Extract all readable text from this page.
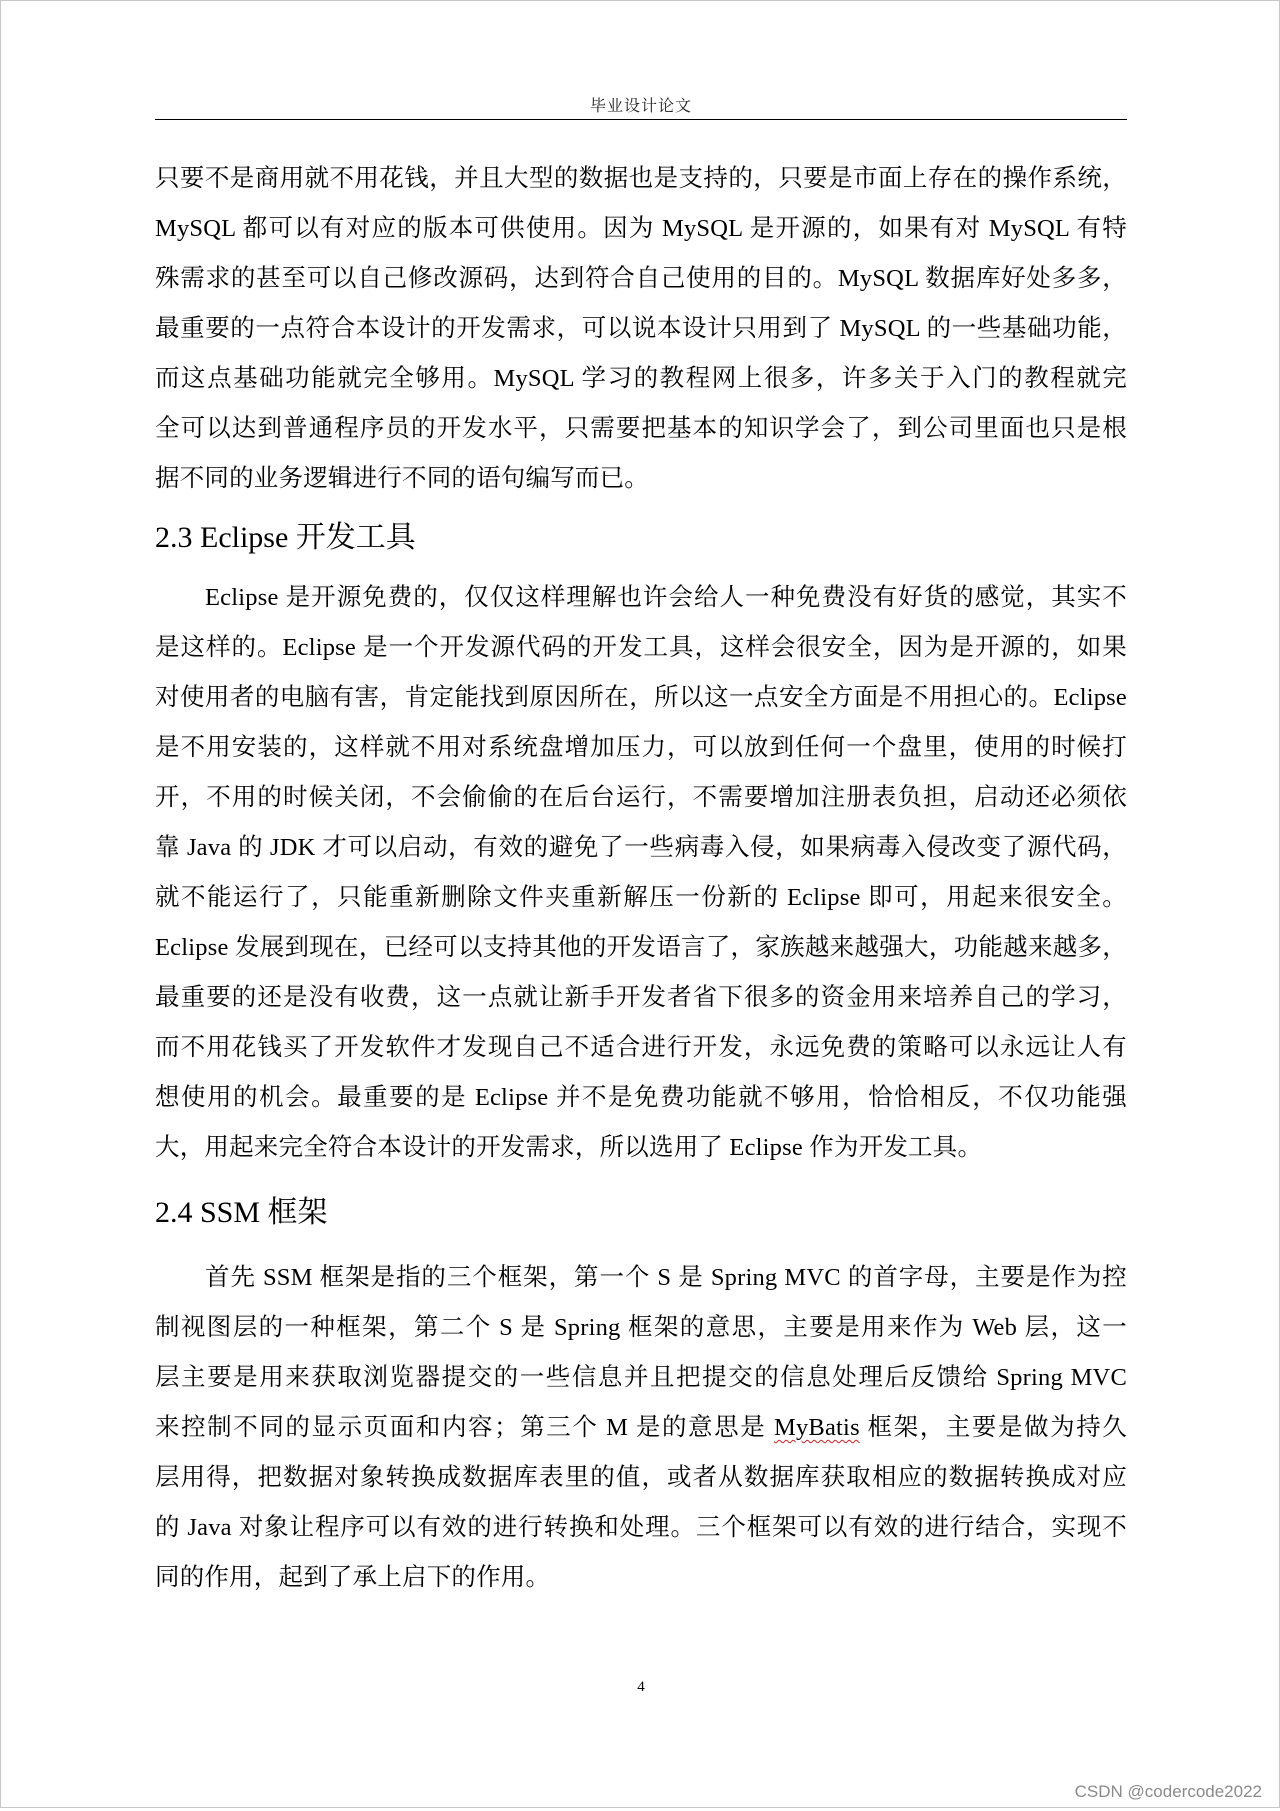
毕业设计论文
只要不是商用就不用花钱，并且大型的数据也是支持的，只要是市面上存在的操作系统，
MySQL 都可以有对应的版本可供使用。因为 MySQL 是开源的，如果有对 MySQL 有特
殊需求的甚至可以自己修改源码，达到符合自己使用的目的。MySQL 数据库好处多多，
最重要的一点符合本设计的开发需求，可以说本设计只用到了 MySQL 的一些基础功能，
而这点基础功能就完全够用。MySQL 学习的教程网上很多，许多关于入门的教程就完
全可以达到普通程序员的开发水平，只需要把基本的知识学会了，到公司里面也只是根
据不同的业务逻辑进行不同的语句编写而已。
2.3 Eclipse 开发工具
Eclipse 是开源免费的，仅仅这样理解也许会给人一种免费没有好货的感觉，其实不
是这样的。Eclipse 是一个开发源代码的开发工具，这样会很安全，因为是开源的，如果
对使用者的电脑有害，肯定能找到原因所在，所以这一点安全方面是不用担心的。Eclipse
是不用安装的，这样就不用对系统盘增加压力，可以放到任何一个盘里，使用的时候打
开，不用的时候关闭，不会偷偷的在后台运行，不需要增加注册表负担，启动还必须依
靠 Java 的 JDK 才可以启动，有效的避免了一些病毒入侵，如果病毒入侵改变了源代码，
就不能运行了，只能重新删除文件夹重新解压一份新的 Eclipse 即可，用起来很安全。
Eclipse 发展到现在，已经可以支持其他的开发语言了，家族越来越强大，功能越来越多，
最重要的还是没有收费，这一点就让新手开发者省下很多的资金用来培养自己的学习，
而不用花钱买了开发软件才发现自己不适合进行开发，永远免费的策略可以永远让人有
想使用的机会。最重要的是 Eclipse 并不是免费功能就不够用，恰恰相反，不仅功能强
大，用起来完全符合本设计的开发需求，所以选用了 Eclipse 作为开发工具。
2.4 SSM 框架
首先 SSM 框架是指的三个框架，第一个 S 是 Spring MVC 的首字母，主要是作为控
制视图层的一种框架，第二个 S 是 Spring 框架的意思，主要是用来作为 Web 层，这一
层主要是用来获取浏览器提交的一些信息并且把提交的信息处理后反馈给 Spring MVC
来控制不同的显示页面和内容；第三个 M 是的意思是 MyBatis 框架，主要是做为持久
层用得，把数据对象转换成数据库表里的值，或者从数据库获取相应的数据转换成对应
的 Java 对象让程序可以有效的进行转换和处理。三个框架可以有效的进行结合，实现不
同的作用，起到了承上启下的作用。
4
CSDN @codercode2022
